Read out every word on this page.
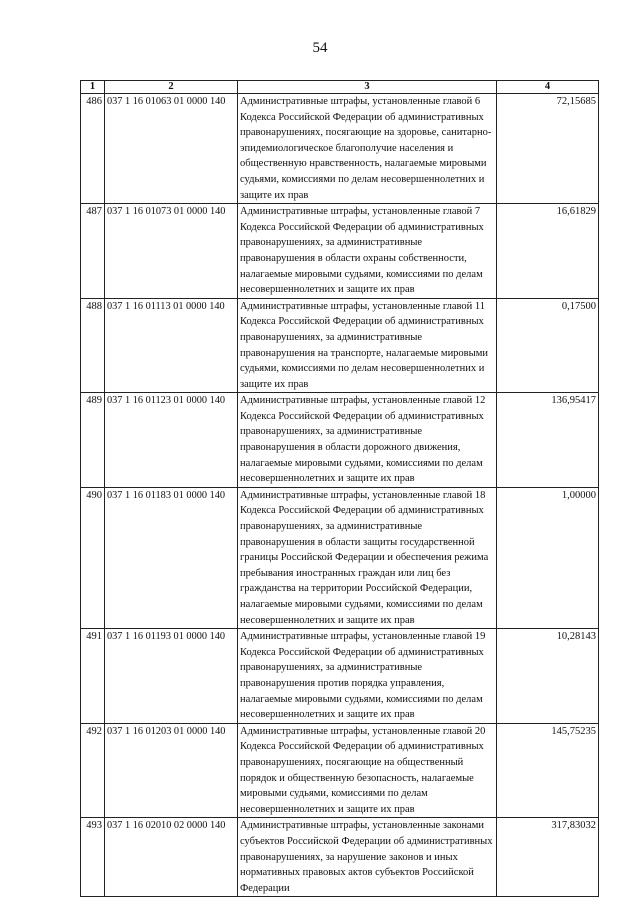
54
1	2	3	4
486	037 1 16 01063 01 0000 140	Административные штрафы, установленные главой 6 Кодекса Российской Федерации об административных правонарушениях, посягающие на здоровье, санитарно-эпидемиологическое благополучие населения и общественную нравственность, налагаемые мировыми судьями, комиссиями по делам несовершеннолетних и защите их прав	72,15685
487	037 1 16 01073 01 0000 140	Административные штрафы, установленные главой 7 Кодекса Российской Федерации об административных правонарушениях, за административные правонарушения в области охраны собственности, налагаемые мировыми судьями, комиссиями по делам несовершеннолетних и защите их прав	16,61829
488	037 1 16 01113 01 0000 140	Административные штрафы, установленные главой 11 Кодекса Российской Федерации об административных правонарушениях, за административные правонарушения на транспорте, налагаемые мировыми судьями, комиссиями по делам несовершеннолетних и защите их прав	0,17500
489	037 1 16 01123 01 0000 140	Административные штрафы, установленные главой 12 Кодекса Российской Федерации об административных правонарушениях, за административные правонарушения в области дорожного движения, налагаемые мировыми судьями, комиссиями по делам несовершеннолетних и защите их прав	136,95417
490	037 1 16 01183 01 0000 140	Административные штрафы, установленные главой 18 Кодекса Российской Федерации об административных правонарушениях, за административные правонарушения в области защиты государственной границы Российской Федерации и обеспечения режима пребывания иностранных граждан или лиц без гражданства на территории Российской Федерации, налагаемые мировыми судьями, комиссиями по делам несовершеннолетних и защите их прав	1,00000
491	037 1 16 01193 01 0000 140	Административные штрафы, установленные главой 19 Кодекса Российской Федерации об административных правонарушениях, за административные правонарушения против порядка управления, налагаемые мировыми судьями, комиссиями по делам несовершеннолетних и защите их прав	10,28143
492	037 1 16 01203 01 0000 140	Административные штрафы, установленные главой 20 Кодекса Российской Федерации об административных правонарушениях, посягающие на общественный порядок и общественную безопасность, налагаемые мировыми судьями, комиссиями по делам несовершеннолетних и защите их прав	145,75235
493	037 1 16 02010 02 0000 140	Административные штрафы, установленные законами субъектов Российской Федерации об административных правонарушениях, за нарушение законов и иных нормативных правовых актов субъектов Российской Федерации	317,83032
